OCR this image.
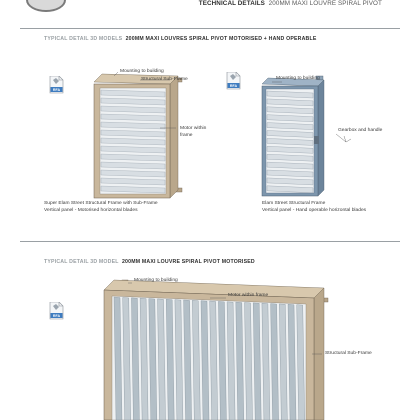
TECHNICAL DETAILS 200MM MAXI LOUVRE SPIRAL PIVOT
TYPICAL DETAIL 3D MODELS 200MM MAXI LOUVRES SPIRAL PIVOT MOTORISED + HAND OPERABLE
RFA
Mounting to building
Structural Sub-Frame
Motor within
frame
Super Elam Street Structural Frame with Sub-Frame
Vertical panel - Motorised horizontal blades
RFA
Mounting to building
Gearbox and handle
Elam Street Structural Frame
Vertical panel - Hand operable horizontal blades
TYPICAL DETAIL 3D MODEL 200MM MAXI LOUVRE SPIRAL PIVOT MOTORISED
RFA
Mounting to building
Motor within frame
Structural Sub-Frame
